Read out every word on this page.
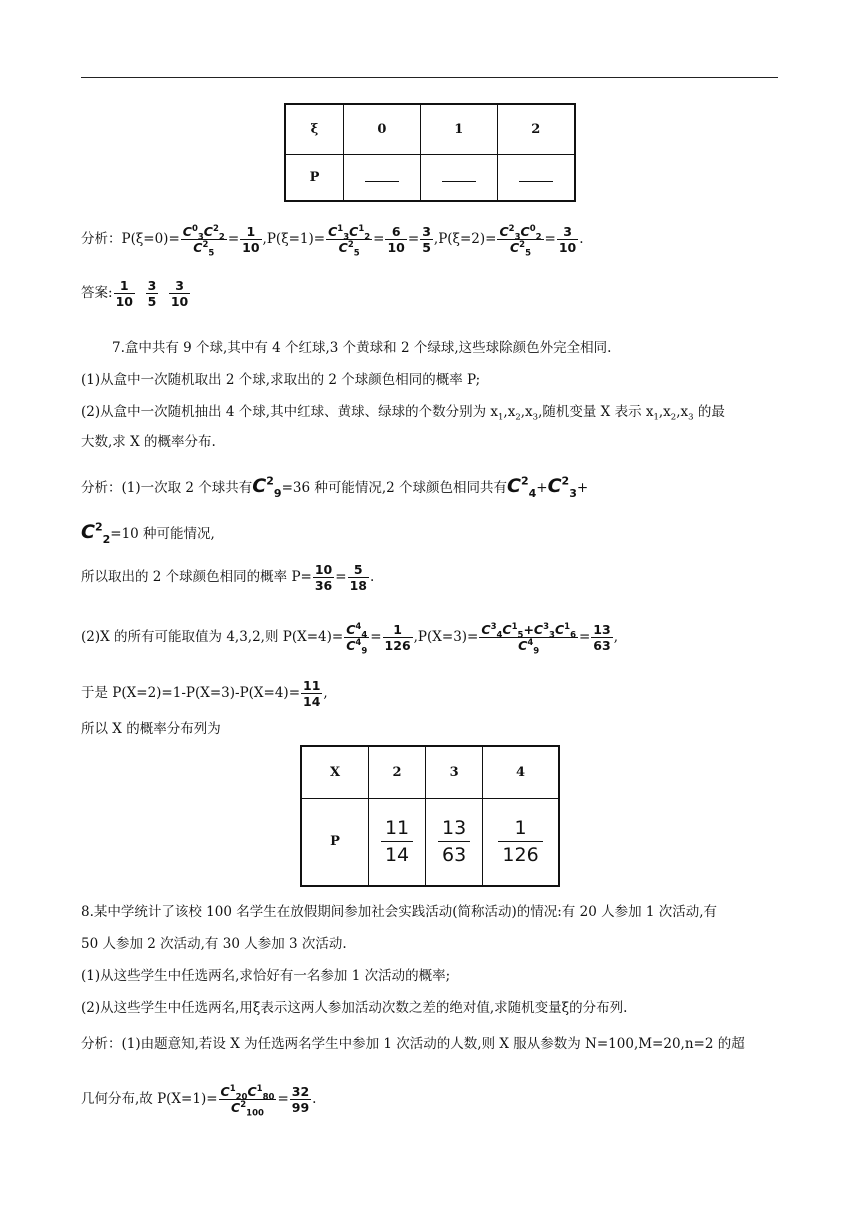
ξ	0	1	2
P			
分析：$P(\xi=0)= \frac{C^0_3C^2_2}{C^2_5} = \frac{1}{10} ,P(\xi=1)= \frac{C^1_3C^1_2}{C^2_5} = \frac{6}{10} = \frac{3}{5} ,P(\xi=2)= \frac{C^2_3C^0_2}{C^2_5} = \frac{3}{10}$ .
答案: $\frac{1}{10}$
$\frac{3}{5}$
$\frac{3}{10}$
7.盒中共有 9 个球,其中有 4 个红球,3 个黄球和 2 个绿球,这些球除颜色外完全相同.
(1)从盒中一次随机取出 2 个球,求取出的 2 个球颜色相同的概率 P;
(2)从盒中一次随机抽出 4 个球,其中红球、黄球、绿球的个数分别为 $x_1,x_2,x_3$,随机变量 X 表示 $x_1,x_2,x_3$ 的最
大数,求 X 的概率分布.
分析：(1)一次取 2 个球共有$C^2_9=36$ 种可能情况,2 个球颜色相同共有$C^2_4+C^2_3+$
$C^2_2=10$ 种可能情况,
所以取出的 2 个球颜色相同的概率 $P= \frac{10}{36} = \frac{5}{18}$ .
(2)X 的所有可能取值为 4,3,2,则 $P(X=4)= \frac{C^4_4}{C^4_9} = \frac{1}{126} ,P(X=3)= \frac{C^3_4C^1_5+C^3_3C^1_6}{C^4_9} = \frac{13}{63}$ ,
于是 $P(X=2)=1-P(X=3)-P(X=4)= \frac{11}{14}$ ,
所以 X 的概率分布列为
X	2	3	4
P	$\frac{11}{14}$	$\frac{13}{63}$	$\frac{1}{126}$
8.某中学统计了该校 100 名学生在放假期间参加社会实践活动(简称活动)的情况:有 20 人参加 1 次活动,有
50 人参加 2 次活动,有 30 人参加 3 次活动.
(1)从这些学生中任选两名,求恰好有一名参加 1 次活动的概率;
(2)从这些学生中任选两名,用ξ表示这两人参加活动次数之差的绝对值,求随机变量ξ的分布列.
分析：(1)由题意知,若设 X 为任选两名学生中参加 1 次活动的人数,则 X 服从参数为 N=100,M=20,n=2 的超
几何分布,故 $P(X=1)= \frac{C^1_{20}C^1_{80}}{C^2_{100}} = \frac{32}{99}$ .
